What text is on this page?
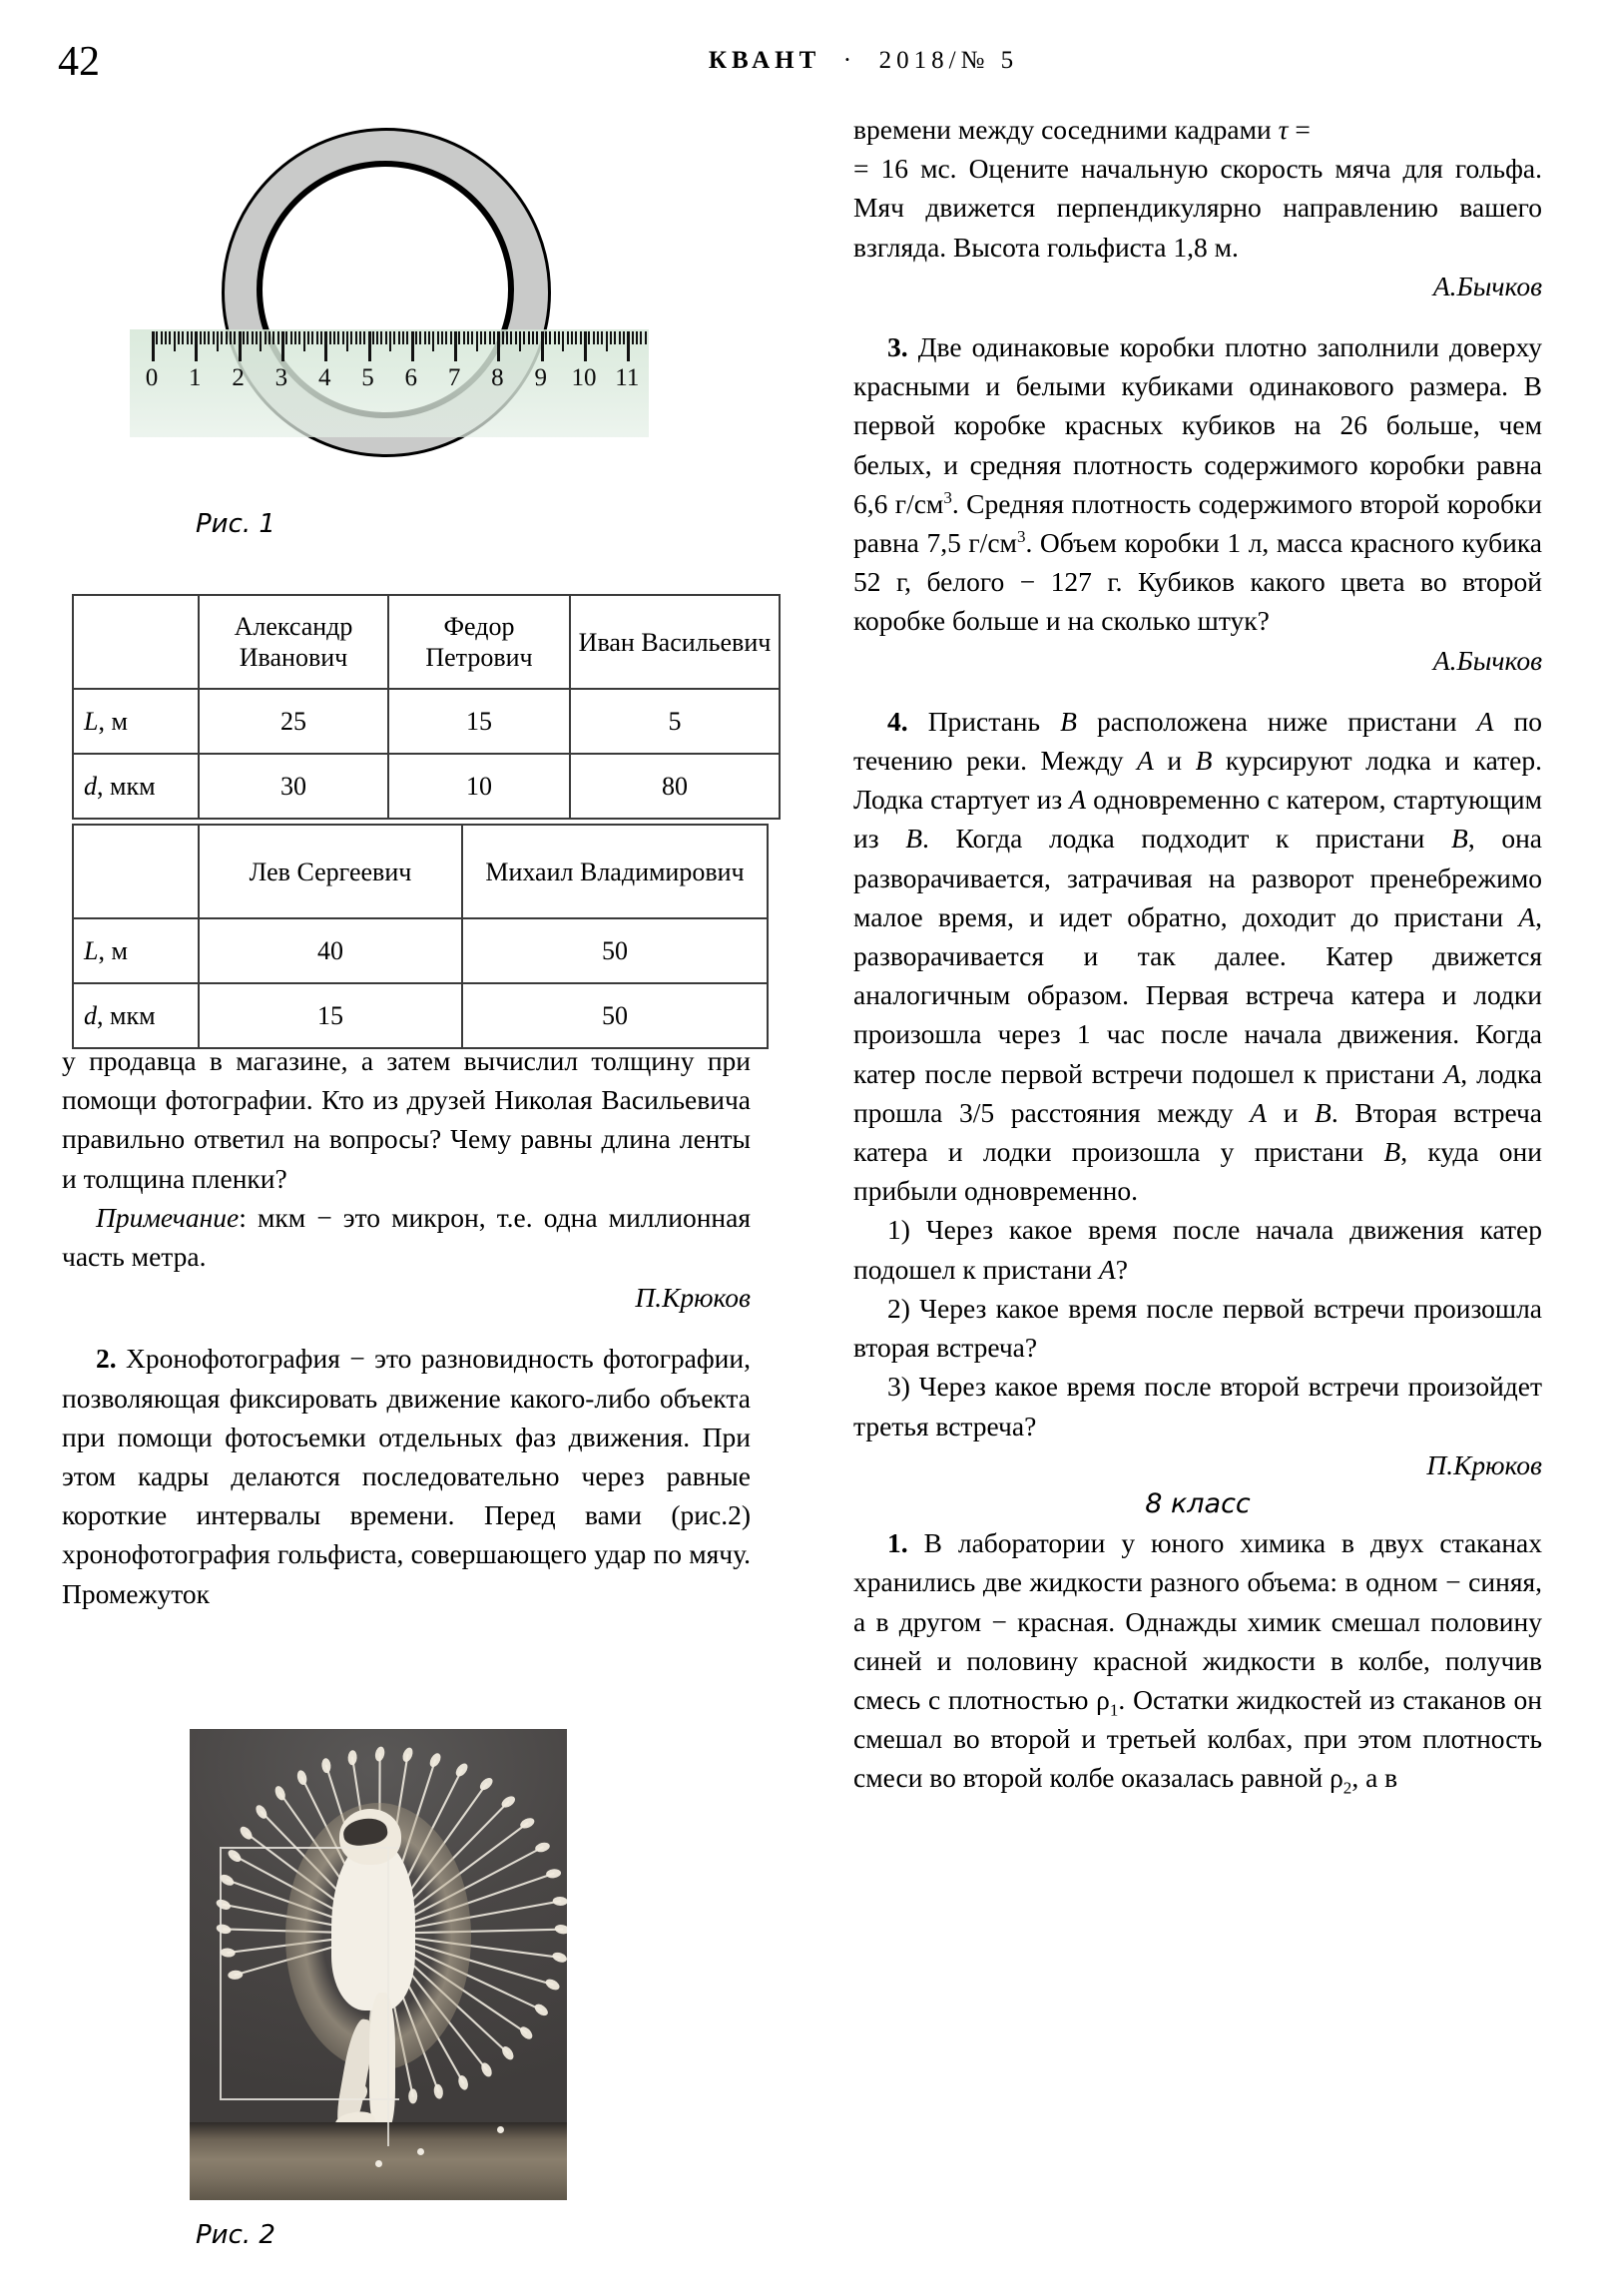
42	КВАНТ · 2018/№ 5
0 1 2 3 4 5 6 7 8 9 10 11
Рис. 1
	Александр Иванович	Федор Петрович	Иван Васильевич
L, м	25	15	5
d, мкм	30	10	80
	Лев Сергеевич	Михаил Владимирович
L, м	40	50
d, мкм	15	50

у продавца в магазине, а затем вычислил толщину при помощи фотографии. Кто из друзей Николая Васильевича правильно ответил на вопросы? Чему равны длина ленты и толщина пленки?

Примечание: мкм − это микрон, т.е. одна миллионная часть метра.

П.Крюков

2. Хронофотография − это разновидность фотографии, позволяющая фиксировать движение какого-либо объекта при помощи фотосъемки отдельных фаз движения. При этом кадры делаются последовательно через равные короткие интервалы времени. Перед вами (рис.2) хронофотография гольфиста, совершающего удар по мячу. Промежуток

Рис. 2

времени между соседними кадрами τ =

= 16 мс. Оцените начальную скорость мяча для гольфа. Мяч движется перпендикулярно направлению вашего взгляда. Высота гольфиста 1,8 м.

А.Бычков

3. Две одинаковые коробки плотно заполнили доверху красными и белыми кубиками одинакового размера. В первой коробке красных кубиков на 26 больше, чем белых, и средняя плотность содержимого коробки равна 6,6 $г/см^3$. Средняя плотность содержимого второй коробки равна 7,5 $г/см^3$. Объем коробки 1 л, масса красного кубика 52 г, белого − 127 г. Кубиков какого цвета во второй коробке больше и на сколько штук?

А.Бычков

4. Пристань B расположена ниже пристани A по течению реки. Между A и B курсируют лодка и катер. Лодка стартует из A одновременно с катером, стартующим из B. Когда лодка подходит к пристани B, она разворачивается, затрачивая на разворот пренебрежимо малое время, и идет обратно, доходит до пристани A, разворачивается и так далее. Катер движется аналогичным образом. Первая встреча катера и лодки произошла через 1 час после начала движения. Когда катер после первой встречи подошел к пристани A, лодка прошла 3/5 расстояния между A и B. Вторая встреча катера и лодки произошла у пристани B, куда они прибыли одновременно.

1) Через какое время после начала движения катер подошел к пристани A?

2) Через какое время после первой встречи произошла вторая встреча?

3) Через какое время после второй встречи произойдет третья встреча?

П.Крюков

8 класс

1. В лаборатории у юного химика в двух стаканах хранились две жидкости разного объема: в одном − синяя, а в другом − красная. Однажды химик смешал половину синей и половину красной жидкости в колбе, получив смесь с плотностью $\rho_1$. Остатки жидкостей из стаканов он смешал во второй и третьей колбах, при этом плотность смеси во второй колбе оказалась равной $\rho_2$, а в
